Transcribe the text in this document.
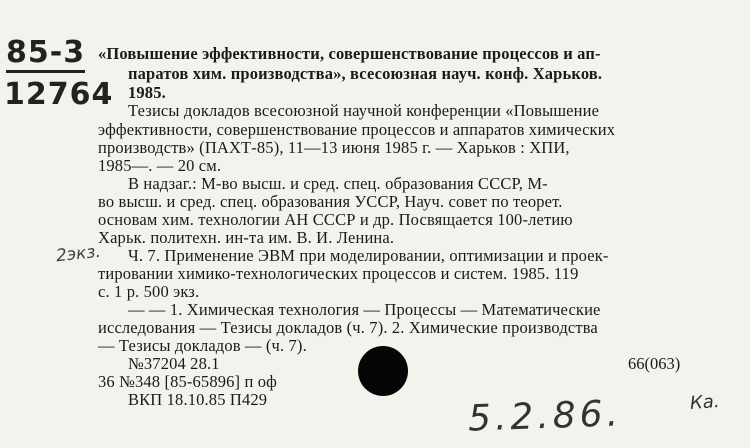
85-3
12764
2экз.
«Повышение эффективности, совершенствование процессов и ап-
паратов хим. производства», всесоюзная науч. конф. Харьков.
1985.
Тезисы докладов всесоюзной научной конференции «Повышение
эффективности, совершенствование процессов и аппаратов химических
производств» (ПАХТ-85), 11—13 июня 1985 г. — Харьков : ХПИ,
1985—. — 20 см.
В надзаг.: М-во высш. и сред. спец. образования СССР, М-
во высш. и сред. спец. образования УССР, Науч. совет по теорет.
основам хим. технологии АН СССР и др. Посвящается 100-летию
Харьк. политехн. ин-та им. В. И. Ленина.
Ч. 7. Применение ЭВМ при моделировании, оптимизации и проек-
тировании химико-технологических процессов и систем. 1985. 119
с. 1 р. 500 экз.
— — 1. Химическая технология — Процессы — Математические
исследования — Тезисы докладов (ч. 7). 2. Химические производства
— Тезисы докладов — (ч. 7).
№37204 28.1	66(063)
36 №348 [85-65896] п оф
ВКП 18.10.85 П429	5.2.86.	Ка.
